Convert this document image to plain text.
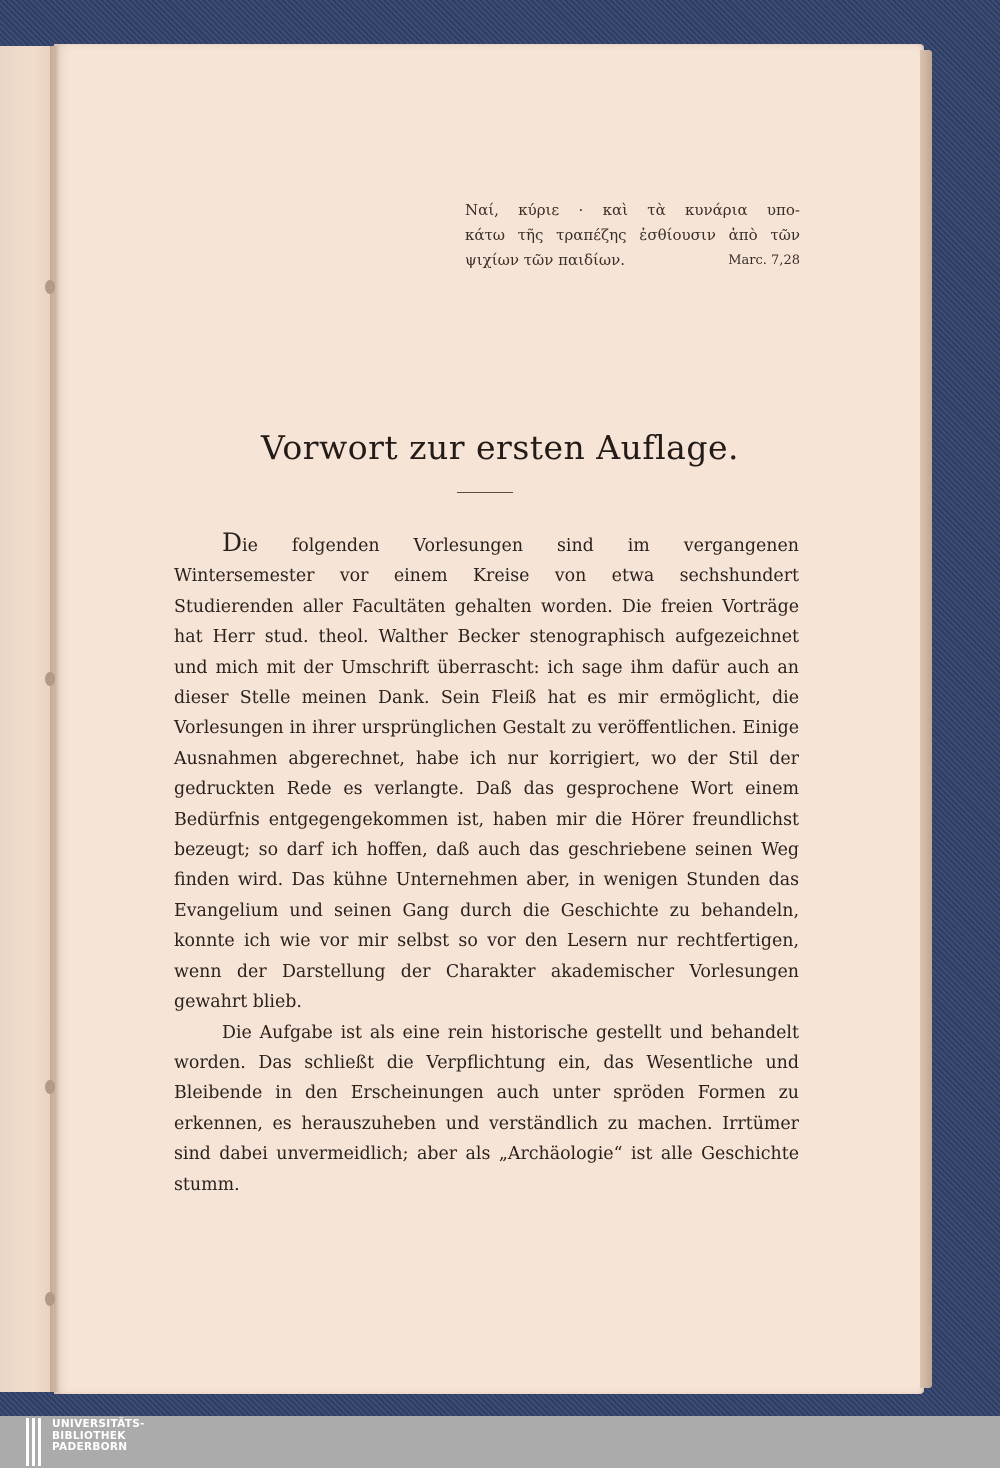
Ναί, κύριε · καὶ τὰ κυνάρια υπο-
κάτω τῆς τραπέζης ἐσθίουσιν ἀπὸ τῶν
ψιχίων τῶν παιδίων.	Marc. 7,28
Vorwort zur ersten Auflage.

Die folgenden Vorlesungen sind im vergangenen Wintersemester vor einem Kreise von etwa sechshundert Studierenden aller Facultäten gehalten worden. Die freien Vorträge hat Herr stud. theol. Walther Becker stenographisch aufgezeichnet und mich mit der Umschrift überrascht: ich sage ihm dafür auch an dieser Stelle meinen Dank. Sein Fleiß hat es mir ermöglicht, die Vorlesungen in ihrer ursprünglichen Gestalt zu veröffentlichen. Einige Ausnahmen abgerechnet, habe ich nur korrigiert, wo der Stil der gedruckten Rede es verlangte. Daß das gesprochene Wort einem Bedürfnis entgegengekommen ist, haben mir die Hörer freundlichst bezeugt; so darf ich hoffen, daß auch das geschriebene seinen Weg finden wird. Das kühne Unternehmen aber, in wenigen Stunden das Evangelium und seinen Gang durch die Geschichte zu behandeln, konnte ich wie vor mir selbst so vor den Lesern nur rechtfertigen, wenn der Darstellung der Charakter akademischer Vorlesungen gewahrt blieb.

Die Aufgabe ist als eine rein historische gestellt und behandelt worden. Das schließt die Verpflichtung ein, das Wesentliche und Bleibende in den Erscheinungen auch unter spröden Formen zu erkennen, es herauszuheben und verständlich zu machen. Irrtümer sind dabei unvermeidlich; aber als „Archäologie“ ist alle Geschichte stumm.

UNIVERSITÄTS-
BIBLIOTHEK
PADERBORN
